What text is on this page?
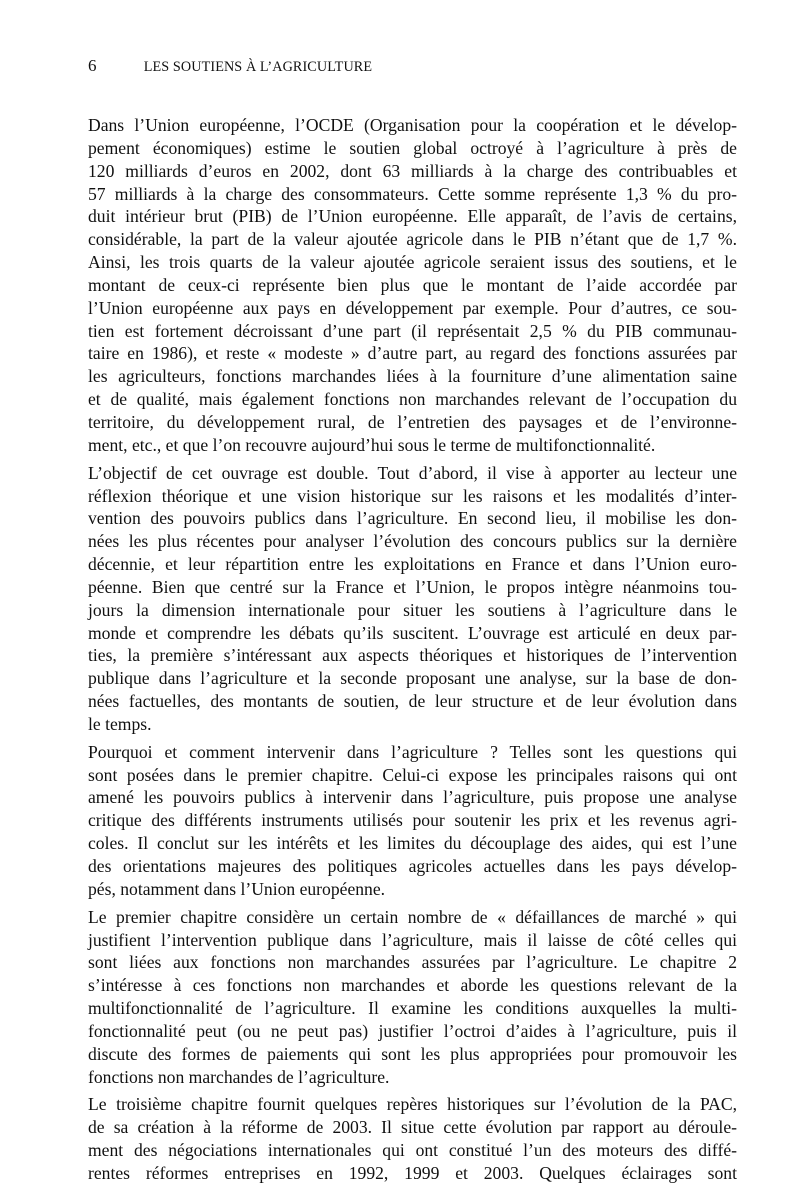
6	LES SOUTIENS À L’AGRICULTURE
Dans l’Union européenne, l’OCDE (Organisation pour la coopération et le dévelop-
pement économiques) estime le soutien global octroyé à l’agriculture à près de
120 milliards d’euros en 2002, dont 63 milliards à la charge des contribuables et
57 milliards à la charge des consommateurs. Cette somme représente 1,3 % du pro-
duit intérieur brut (PIB) de l’Union européenne. Elle apparaît, de l’avis de certains,
considérable, la part de la valeur ajoutée agricole dans le PIB n’étant que de 1,7 %.
Ainsi, les trois quarts de la valeur ajoutée agricole seraient issus des soutiens, et le
montant de ceux-ci représente bien plus que le montant de l’aide accordée par
l’Union européenne aux pays en développement par exemple. Pour d’autres, ce sou-
tien est fortement décroissant d’une part (il représentait 2,5 % du PIB communau-
taire en 1986), et reste « modeste » d’autre part, au regard des fonctions assurées par
les agriculteurs, fonctions marchandes liées à la fourniture d’une alimentation saine
et de qualité, mais également fonctions non marchandes relevant de l’occupation du
territoire, du développement rural, de l’entretien des paysages et de l’environne-
ment, etc., et que l’on recouvre aujourd’hui sous le terme de multifonctionnalité.
L’objectif de cet ouvrage est double. Tout d’abord, il vise à apporter au lecteur une
réflexion théorique et une vision historique sur les raisons et les modalités d’inter-
vention des pouvoirs publics dans l’agriculture. En second lieu, il mobilise les don-
nées les plus récentes pour analyser l’évolution des concours publics sur la dernière
décennie, et leur répartition entre les exploitations en France et dans l’Union euro-
péenne. Bien que centré sur la France et l’Union, le propos intègre néanmoins tou-
jours la dimension internationale pour situer les soutiens à l’agriculture dans le
monde et comprendre les débats qu’ils suscitent. L’ouvrage est articulé en deux par-
ties, la première s’intéressant aux aspects théoriques et historiques de l’intervention
publique dans l’agriculture et la seconde proposant une analyse, sur la base de don-
nées factuelles, des montants de soutien, de leur structure et de leur évolution dans
le temps.
Pourquoi et comment intervenir dans l’agriculture ? Telles sont les questions qui
sont posées dans le premier chapitre. Celui-ci expose les principales raisons qui ont
amené les pouvoirs publics à intervenir dans l’agriculture, puis propose une analyse
critique des différents instruments utilisés pour soutenir les prix et les revenus agri-
coles. Il conclut sur les intérêts et les limites du découplage des aides, qui est l’une
des orientations majeures des politiques agricoles actuelles dans les pays dévelop-
pés, notamment dans l’Union européenne.
Le premier chapitre considère un certain nombre de « défaillances de marché » qui
justifient l’intervention publique dans l’agriculture, mais il laisse de côté celles qui
sont liées aux fonctions non marchandes assurées par l’agriculture. Le chapitre 2
s’intéresse à ces fonctions non marchandes et aborde les questions relevant de la
multifonctionnalité de l’agriculture. Il examine les conditions auxquelles la multi-
fonctionnalité peut (ou ne peut pas) justifier l’octroi d’aides à l’agriculture, puis il
discute des formes de paiements qui sont les plus appropriées pour promouvoir les
fonctions non marchandes de l’agriculture.
Le troisième chapitre fournit quelques repères historiques sur l’évolution de la PAC,
de sa création à la réforme de 2003. Il situe cette évolution par rapport au déroule-
ment des négociations internationales qui ont constitué l’un des moteurs des diffé-
rentes réformes entreprises en 1992, 1999 et 2003. Quelques éclairages sont
